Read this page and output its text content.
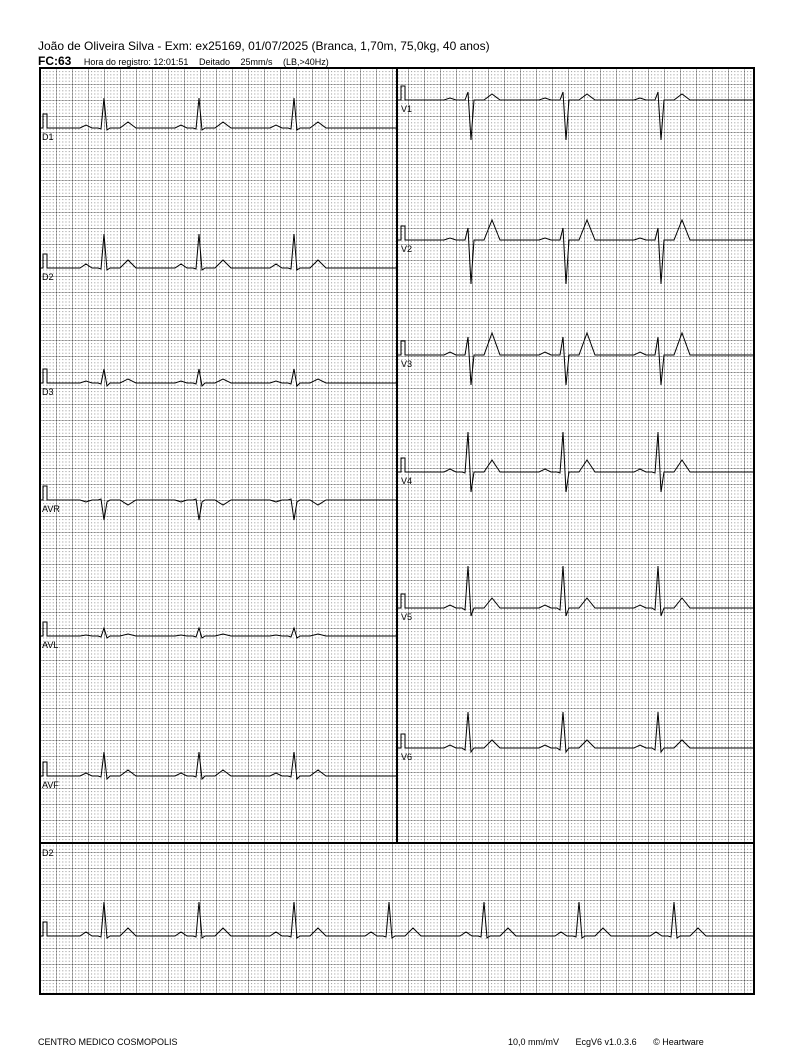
João de Oliveira Silva - Exm: ex25169, 01/07/2025 (Branca, 1,70m, 75,0kg, 40 anos)
FC:63 Hora do registro: 12:01:51 Deitado 25mm/s (LB,>40Hz)
D1
D2
D3
AVR
AVL
AVF
V1
V2
V3
V4
V5
V6
D2
CENTRO MEDICO COSMOPOLIS	10,0 mm/mV EcgV6 v1.0.3.6 © Heartware
